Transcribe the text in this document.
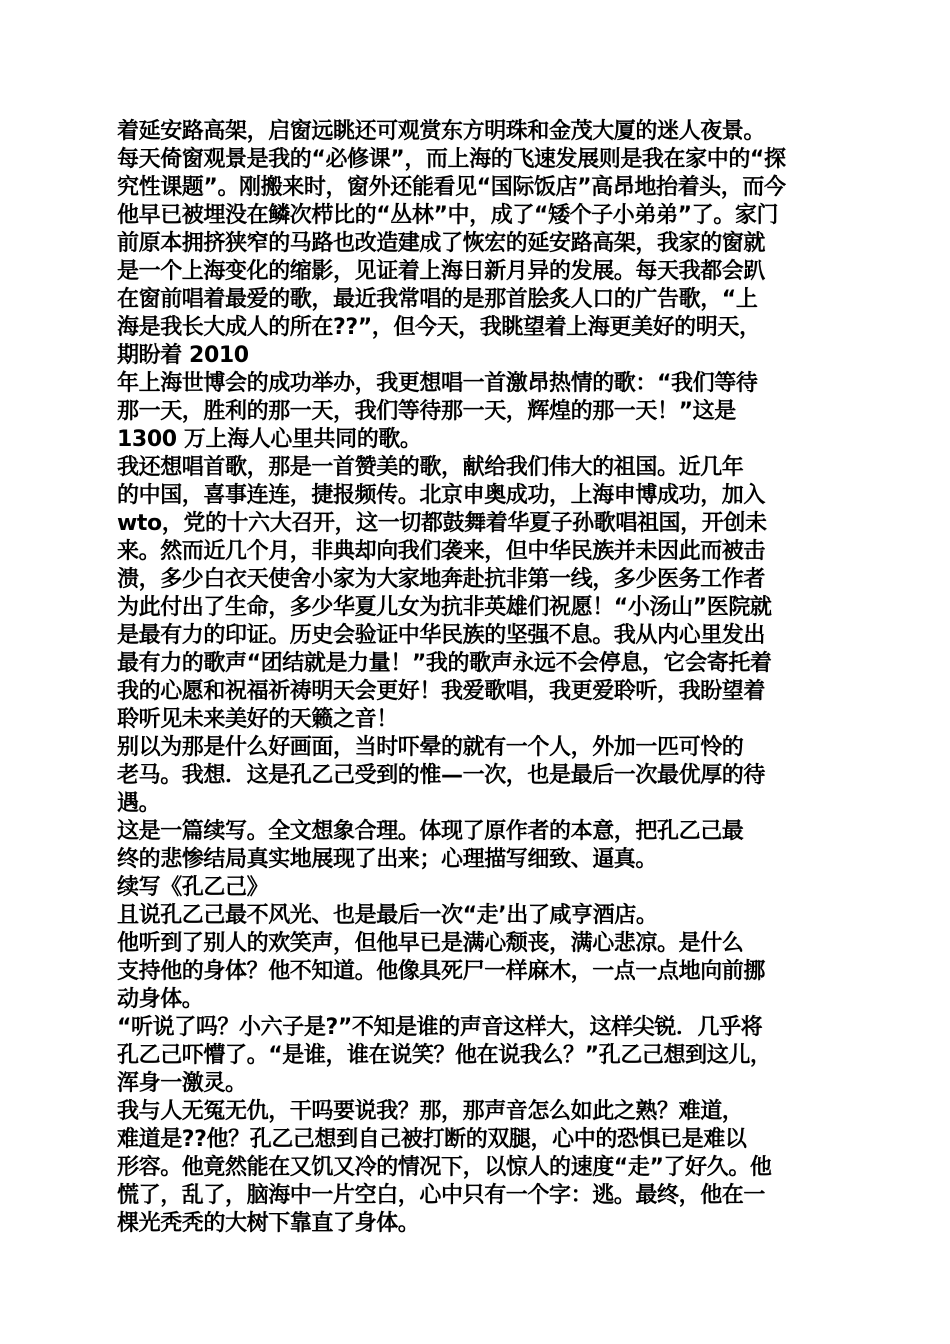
着延安路高架，启窗远眺还可观赏东方明珠和金茂大厦的迷人夜景。
每天倚窗观景是我的“必修课”，而上海的飞速发展则是我在家中的“探
究性课题”。刚搬来时，窗外还能看见“国际饭店”高昂地抬着头，而今
他早已被埋没在鳞次栉比的“丛林”中，成了“矮个子小弟弟”了。家门
前原本拥挤狭窄的马路也改造建成了恢宏的延安路高架，我家的窗就
是一个上海变化的缩影，见证着上海日新月异的发展。每天我都会趴
在窗前唱着最爱的歌，最近我常唱的是那首脍炙人口的广告歌，“上
海是我长大成人的所在??”，但今天，我眺望着上海更美好的明天，
期盼着 2010
年上海世博会的成功举办，我更想唱一首激昂热情的歌：“我们等待
那一天，胜利的那一天，我们等待那一天，辉煌的那一天！”这是
1300 万上海人心里共同的歌。
我还想唱首歌，那是一首赞美的歌，献给我们伟大的祖国。近几年
的中国，喜事连连，捷报频传。北京申奥成功，上海申博成功，加入
wto，党的十六大召开，这一切都鼓舞着华夏子孙歌唱祖国，开创未
来。然而近几个月，非典却向我们袭来，但中华民族并未因此而被击
溃，多少白衣天使舍小家为大家地奔赴抗非第一线，多少医务工作者
为此付出了生命，多少华夏儿女为抗非英雄们祝愿！“小汤山”医院就
是最有力的印证。历史会验证中华民族的坚强不息。我从内心里发出
最有力的歌声“团结就是力量！”我的歌声永远不会停息，它会寄托着
我的心愿和祝福祈祷明天会更好！我爱歌唱，我更爱聆听，我盼望着
聆听见未来美好的天籁之音！
别以为那是什么好画面，当时吓晕的就有一个人，外加一匹可怜的
老马。我想．这是孔乙己受到的惟—一次，也是最后一次最优厚的待
遇。
这是一篇续写。全文想象合理。体现了原作者的本意，把孔乙己最
终的悲惨结局真实地展现了出来；心理描写细致、逼真。
续写《孔乙己》
且说孔乙己最不风光、也是最后一次“走’出了咸亨酒店。
他听到了别人的欢笑声，但他早已是满心颓丧，满心悲凉。是什么
支持他的身体？他不知道。他像具死尸一样麻木，一点一点地向前挪
动身体。
“听说了吗？小六子是?”不知是谁的声音这样大，这样尖锐．几乎将
孔乙己吓懵了。“是谁，谁在说笑？他在说我么？”孔乙己想到这儿，
浑身一激灵。
我与人无冤无仇，干吗要说我？那，那声音怎么如此之熟？难道，
难道是??他？孔乙己想到自己被打断的双腿，心中的恐惧已是难以
形容。他竟然能在又饥又冷的情况下，以惊人的速度“走”了好久。他
慌了，乱了，脑海中一片空白，心中只有一个字：逃。最终，他在一
棵光秃秃的大树下靠直了身体。
